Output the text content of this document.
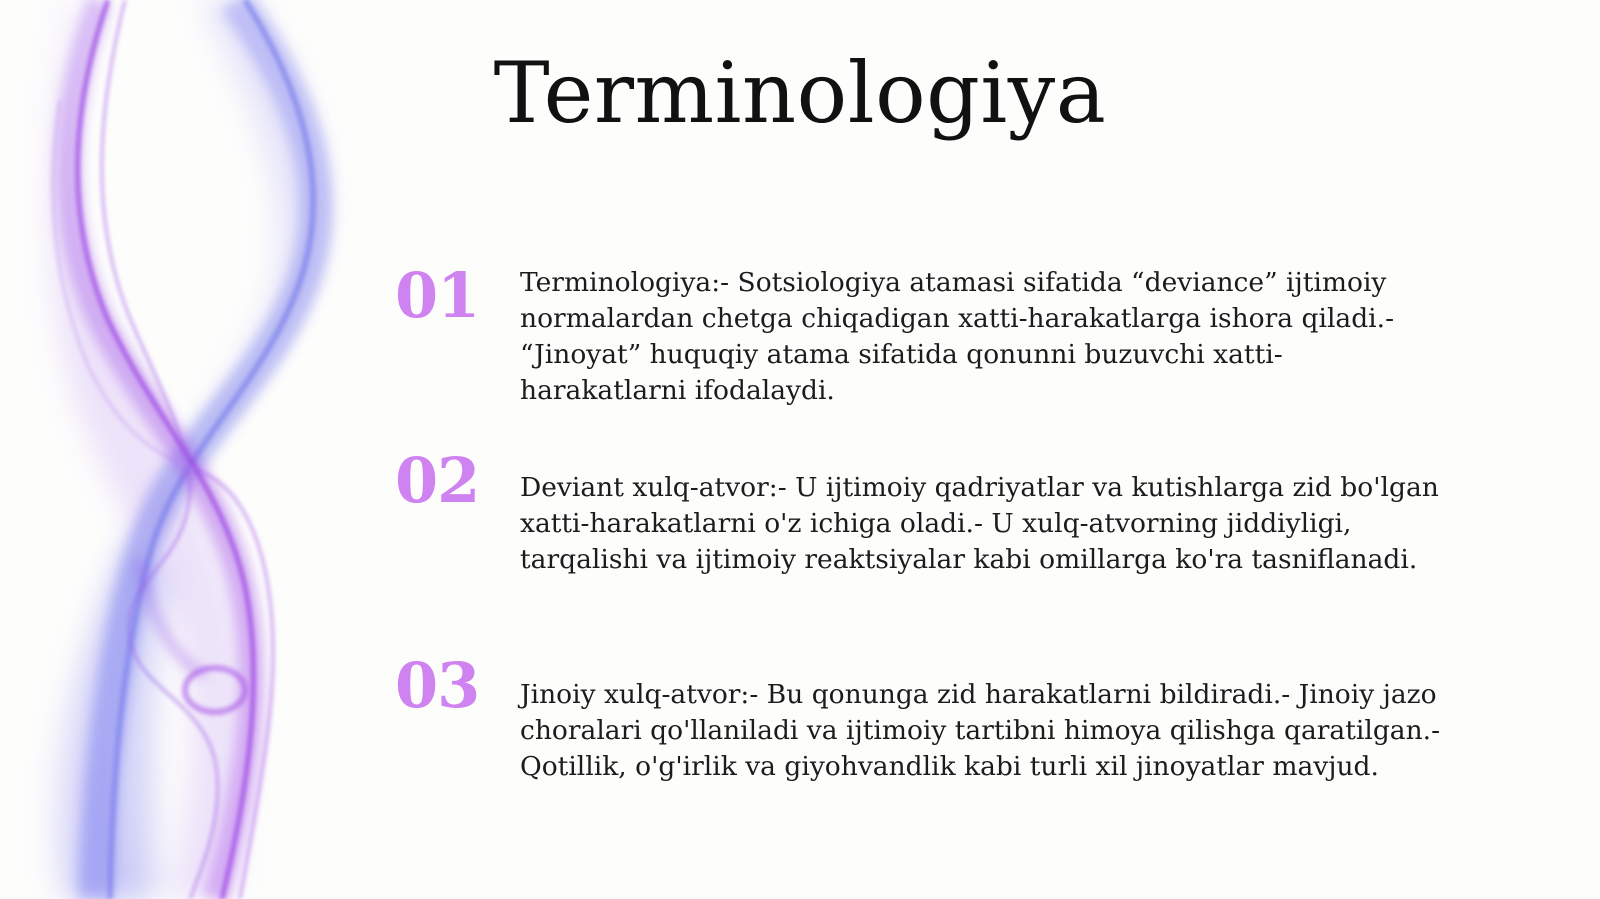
Terminologiya
01 Terminologiya:- Sotsiologiya atamasi sifatida “deviance” ijtimoiy normalardan chetga chiqadigan xatti-harakatlarga ishora qiladi.- “Jinoyat” huquqiy atama sifatida qonunni buzuvchi xatti-harakatlarni ifodalaydi.
02 Deviant xulq-atvor:- U ijtimoiy qadriyatlar va kutishlarga zid bo'lgan xatti-harakatlarni o'z ichiga oladi.- U xulq-atvorning jiddiyligi, tarqalishi va ijtimoiy reaktsiyalar kabi omillarga ko'ra tasniflanadi.
03 Jinoiy xulq-atvor:- Bu qonunga zid harakatlarni bildiradi.- Jinoiy jazo choralari qo'llaniladi va ijtimoiy tartibni himoya qilishga qaratilgan.- Qotillik, o'g'irlik va giyohvandlik kabi turli xil jinoyatlar mavjud.
